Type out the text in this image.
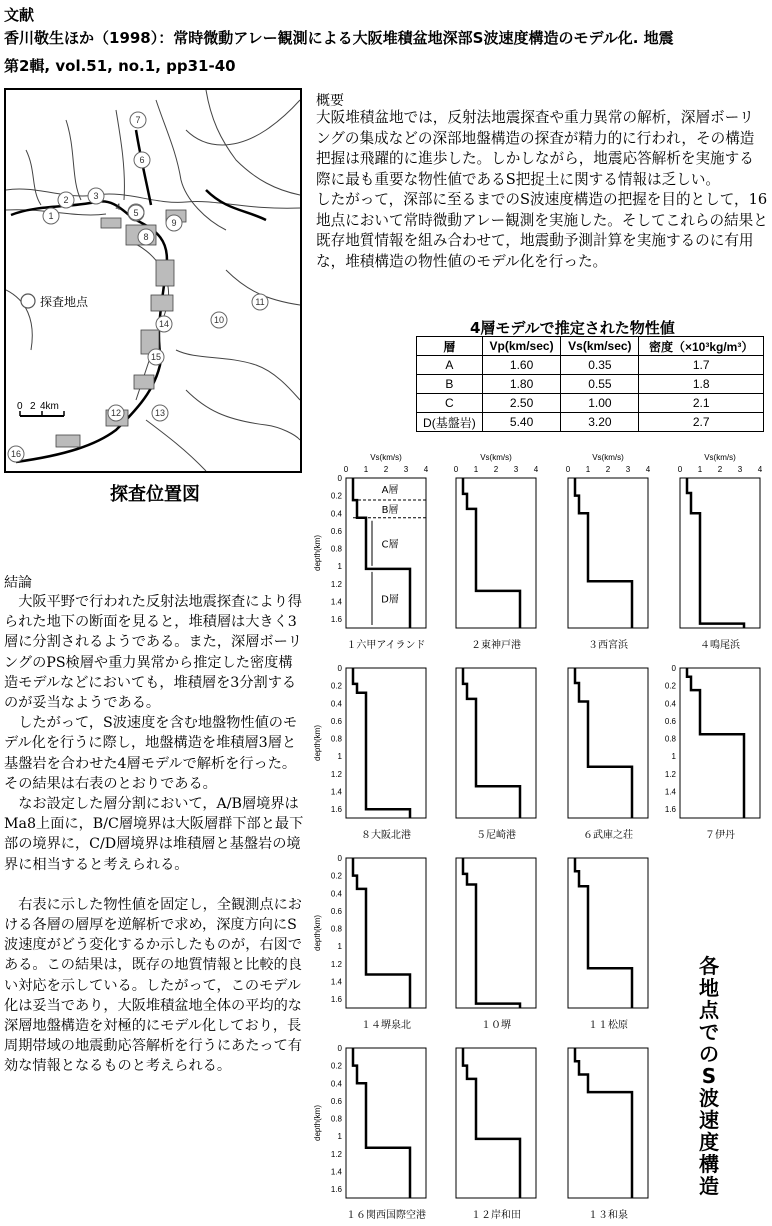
文献
香川敬生ほか（1998）：常時微動アレー観測による大阪堆積盆地深部S波速度構造のモデル化. 地震
第2輯, vol.51, no.1, pp31-40
1
2	3
4
5
6
7
8
9
10
11
12	13
14
15
16
探査地点
0 2 4km
探査位置図
概要

大阪堆積盆地では，反射法地震探査や重力異常の解析，深層ボーリングの集成などの深部地盤構造の探査が精力的に行われ，その構造把握は飛躍的に進歩した。しかしながら，地震応答解析を実施する際に最も重要な物性値であるS把捉土に関する情報は乏しい。

したがって，深部に至るまでのS波速度構造の把握を目的として，16地点において常時微動アレー観測を実施した。そしてこれらの結果と既存地質情報を組み合わせて，地震動予測計算を実施するのに有用な，堆積構造の物性値のモデル化を行った。

4層モデルで推定された物性値
層	Vp(km/sec)	Vs(km/sec)	密度（×10³kg/m³）
A	1.60	0.35	1.7
B	1.80	0.55	1.8
C	2.50	1.00	2.1
D(基盤岩)	5.40	3.20	2.7
結論

大阪平野で行われた反射法地震探査により得られた地下の断面を見ると，堆積層は大きく3層に分割されるようである。また，深層ボーリングのPS検層や重力異常から推定した密度構造モデルなどにおいても，堆積層を3分割するのが妥当なようである。

したがって，S波速度を含む地盤物性値のモデル化を行うに際し，地盤構造を堆積層3層と基盤岩を合わせた4層モデルで解析を行った。その結果は右表のとおりである。

なお設定した層分割において，A/B層境界はMa8上面に，B/C層境界は大阪層群下部と最下部の境界に，C/D層境界は堆積層と基盤岩の境界に相当すると考えられる。

右表に示した物性値を固定し，全観測点における各層の層厚を逆解析で求め，深度方向にS波速度がどう変化するか示したものが，右図である。この結果は，既存の地質情報と比較的良い対応を示している。したがって，このモデル化は妥当であり，大阪堆積盆地全体の平均的な深層地盤構造を対極的にモデル化しており，長周期帯域の地震動応答解析を行うにあたって有効な情報となるものと考えられる。

Vs(km/s)
0 1 2 3 4
depth(km)
0
0.2
0.4
0.6
0.8
1
1.2
1.4
1.6
１六甲アイランド
A層
B層
C層
D層
Vs(km/s)
0 1 2 3 4
２東神戸港
Vs(km/s)
0 1 2 3 4
３西宮浜
Vs(km/s)
0 1 2 3 4
４鳴尾浜
depth(km)
0
0.2
0.4
0.6
0.8
1
1.2
1.4
1.6
８大阪北港	５尼崎港	６武庫之荘
0
0.2
0.4
0.6
0.8
1
1.2
1.4
1.6
７伊丹
depth(km)
0
0.2
0.4
0.6
0.8
1
1.2
1.4
1.6
１４堺泉北	１０堺	１１松原
depth(km)
0
0.2
0.4
0.6
0.8
1
1.2
1.4
1.6
１６関西国際空港	１２岸和田	１３和泉
各地点でのS波速度構造
